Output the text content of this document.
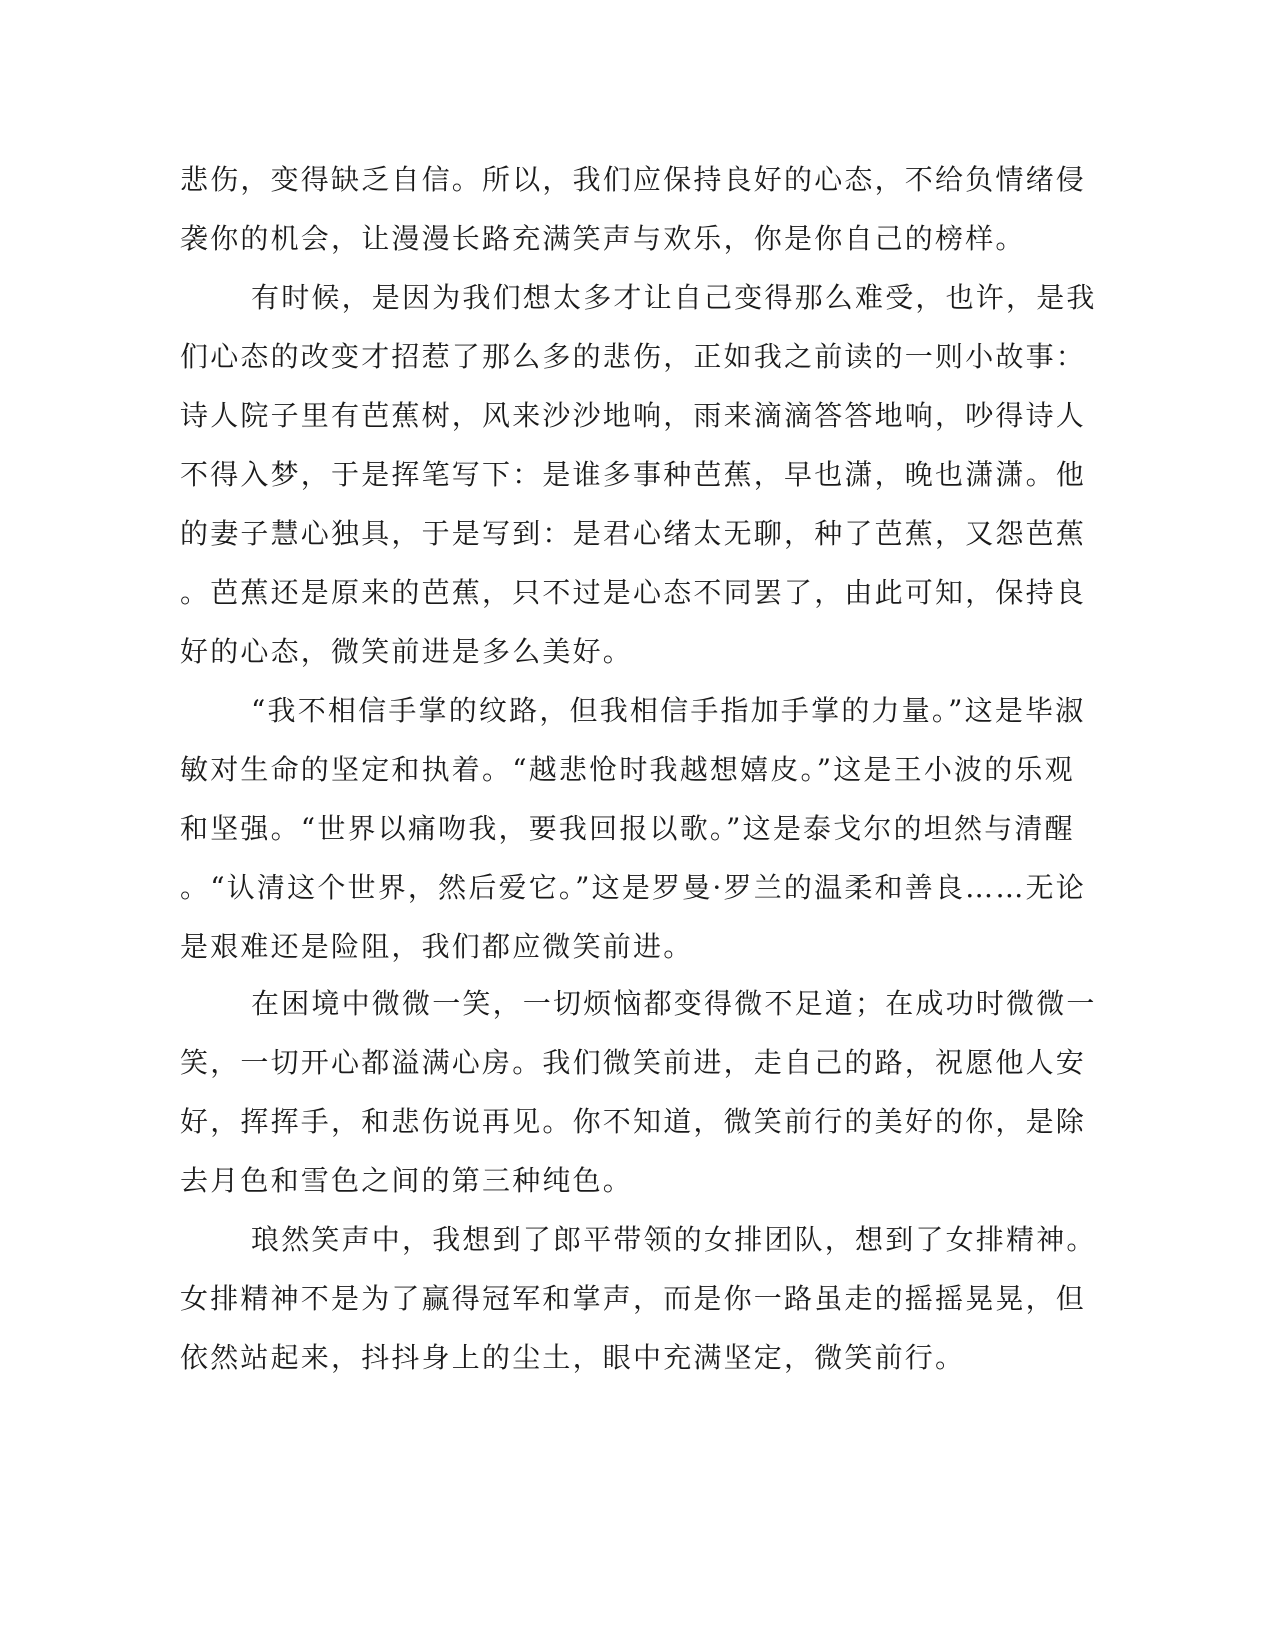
悲伤，变得缺乏自信。所以，我们应保持良好的心态，不给负情绪侵
袭你的机会，让漫漫长路充满笑声与欢乐，你是你自己的榜样。
有时候，是因为我们想太多才让自己变得那么难受，也许，是我
们心态的改变才招惹了那么多的悲伤，正如我之前读的一则小故事：
诗人院子里有芭蕉树，风来沙沙地响，雨来滴滴答答地响，吵得诗人
不得入梦，于是挥笔写下：是谁多事种芭蕉，早也潇，晚也潇潇。他
的妻子慧心独具，于是写到：是君心绪太无聊，种了芭蕉，又怨芭蕉
。芭蕉还是原来的芭蕉，只不过是心态不同罢了，由此可知，保持良
好的心态，微笑前进是多么美好。
“我不相信手掌的纹路，但我相信手指加手掌的力量。”这是毕淑
敏对生命的坚定和执着。“越悲怆时我越想嬉皮。”这是王小波的乐观
和坚强。“世界以痛吻我，要我回报以歌。”这是泰戈尔的坦然与清醒
。“认清这个世界，然后爱它。”这是罗曼·罗兰的温柔和善良……无论
是艰难还是险阻，我们都应微笑前进。
在困境中微微一笑，一切烦恼都变得微不足道；在成功时微微一
笑，一切开心都溢满心房。我们微笑前进，走自己的路，祝愿他人安
好，挥挥手，和悲伤说再见。你不知道，微笑前行的美好的你，是除
去月色和雪色之间的第三种纯色。
琅然笑声中，我想到了郎平带领的女排团队，想到了女排精神。
女排精神不是为了赢得冠军和掌声，而是你一路虽走的摇摇晃晃，但
依然站起来，抖抖身上的尘土，眼中充满坚定，微笑前行。
